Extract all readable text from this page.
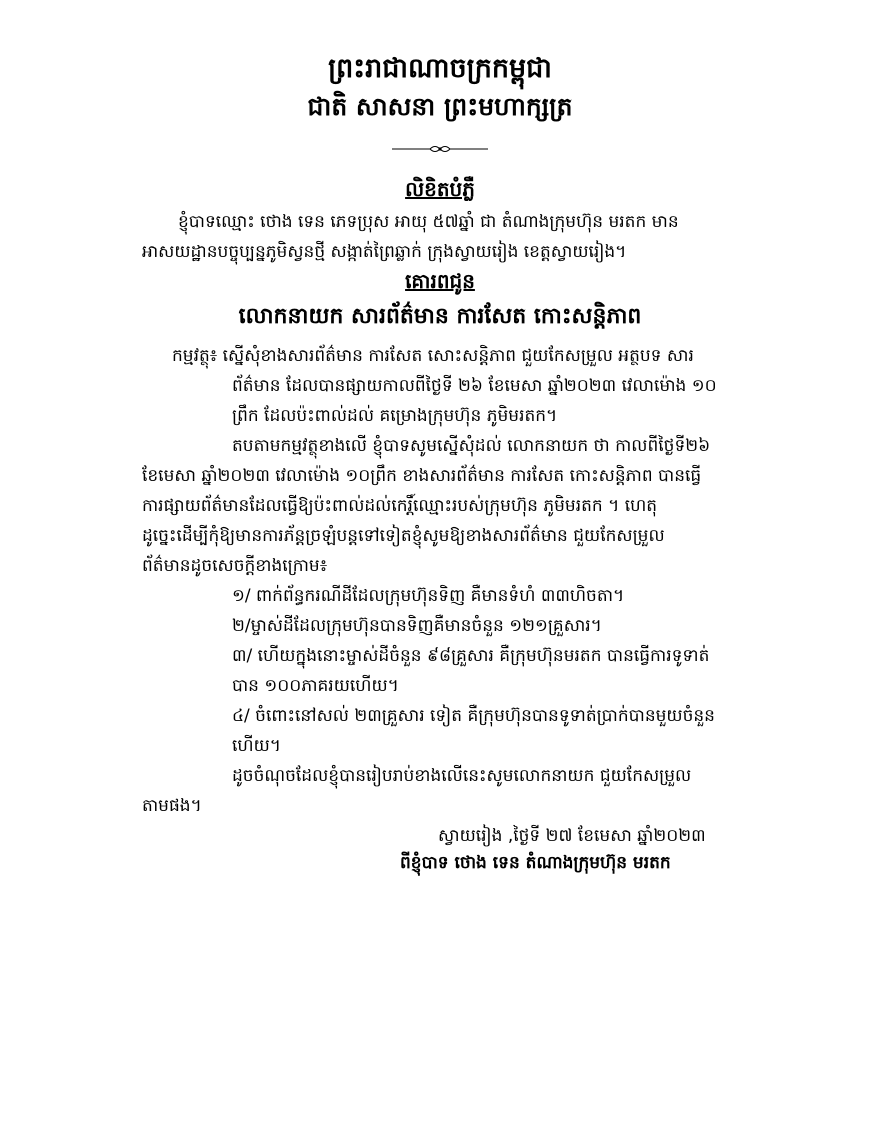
ព្រះរាជាណាចក្រកម្ពុជា
ជាតិ សាសនា ព្រះមហាក្សត្រ
លិខិតបំភ្លឺ
ខ្ញុំបាទឈ្មោះ ថោង ទេន ភេទប្រុស អាយុ ៥៧ឆ្នាំ ជា តំណាងក្រុមហ៊ុន មរតក មាន
អាសយដ្ឋានបច្ចុប្បន្នភូមិស្វនថ្មី សង្កាត់ព្រៃឆ្លាក់ ក្រុងស្វាយរៀង ខេត្តស្វាយរៀង។
គោរពជូន
លោកនាយក សារព័ត៌មាន ការសែត កោះសន្តិភាព
កម្មវត្ថុ៖ ស្នើសុំខាងសារព័ត៌មាន ការសែត សោះសន្តិភាព ជួយកែសម្រួល អត្ថបទ សារ
ព័ត៌មាន ដែលបានផ្សាយកាលពីថ្ងៃទី ២៦ ខែមេសា ឆ្នាំ២០២៣ វេលាម៉ោង ១០
ព្រឹក ដែលប៉ះពាល់ដល់ គម្រោងក្រុមហ៊ុន ភូមិមរតក។
តបតាមកម្មវត្ថុខាងលើ ខ្ញុំបាទសូមស្នើសុំដល់ លោកនាយក ថា កាលពីថ្ងៃទី២៦
ខែមេសា ឆ្នាំ២០២៣ វេលាម៉ោង ១០ព្រឹក ខាងសារព័ត៌មាន ការសែត កោះសន្តិភាព បានធ្វើ
ការផ្សាយព័ត៌មានដែលធ្វើឱ្យប៉ះពាល់ដល់កេរ្តិ៍ឈ្មោះរបស់ក្រុមហ៊ុន ភូមិមរតក ។ ហេតុ
ដូច្នេះដើម្បីកុំឱ្យមានការភ័ន្តច្រឡំបន្តទៅទៀតខ្ញុំសូមឱ្យខាងសារព័ត៌មាន ជួយកែសម្រួល
ព័ត៌មានដូចសេចក្តីខាងក្រោម៖
១/ ពាក់ព័ន្ធករណីដីដែលក្រុមហ៊ុនទិញ គឺមានទំហំ ៣៣ហិចតា។
២/ម្ចាស់ដីដែលក្រុមហ៊ុនបានទិញគឺមានចំនួន ១២១គ្រួសារ។
៣/ ហើយក្នុងនោះម្ចាស់ដីចំនួន ៩៨គ្រួសារ គឺក្រុមហ៊ុនមរតក បានធ្វើការទូទាត់
បាន ១០០ភាគរយហើយ។
៤/ ចំពោះនៅសល់ ២៣គ្រួសារ ទៀត គឺក្រុមហ៊ុនបានទូទាត់ប្រាក់បានមួយចំនួន
ហើយ។
ដូចចំណុចដែលខ្ញុំបានរៀបរាប់ខាងលើនេះសូមលោកនាយក ជួយកែសម្រួល
តាមផង។
ស្វាយរៀង ,ថ្ងៃទី ២៧ ខែមេសា ឆ្នាំ២០២៣
ពីខ្ញុំបាទ ថោង ទេន តំណាងក្រុមហ៊ុន មរតក
